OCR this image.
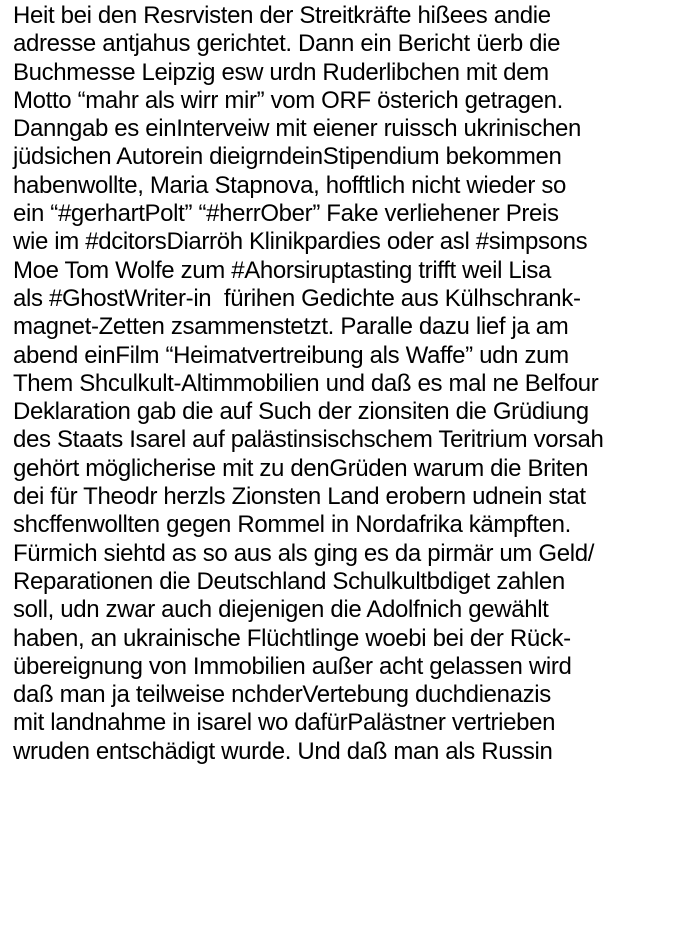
Heit bei den Resrvisten der Streitkräfte hißees andie
adresse antjahus gerichtet. Dann ein Bericht üerb die
Buchmesse Leipzig esw urdn Ruderlibchen mit dem
Motto “mahr als wirr mir” vom ORF österich getragen.
Danngab es einInterveiw mit eiener ruissch ukrinischen
jüdsichen Autorein dieigrndeinStipendium bekommen
habenwollte, Maria Stapnova, hofftlich nicht wieder so
ein “#gerhartPolt” “#herrOber” Fake verliehener Preis
wie im #dcitorsDiarröh Klinikpardies oder asl #simpsons
Moe Tom Wolfe zum #Ahorsiruptasting trifft weil Lisa
als #GhostWriter-in  fürihen Gedichte aus Külhschrank-
magnet-Zetten zsammenstetzt. Paralle dazu lief ja am
abend einFilm “Heimatvertreibung als Waffe” udn zum
Them Shculkult-Altimmobilien und daß es mal ne Belfour
Deklaration gab die auf Such der zionsiten die Grüdiung
des Staats Isarel auf palästinsischschem Teritrium vorsah
gehört möglicherise mit zu denGrüden warum die Briten
dei für Theodr herzls Zionsten Land erobern udnein stat
shcffenwollten gegen Rommel in Nordafrika kämpften.
Fürmich siehtd as so aus als ging es da pirmär um Geld/
Reparationen die Deutschland Schulkultbdiget zahlen
soll, udn zwar auch diejenigen die Adolfnich gewählt
haben, an ukrainische Flüchtlinge woebi bei der Rück-
übereignung von Immobilien außer acht gelassen wird
daß man ja teilweise nchderVertebung duchdienazis
mit landnahme in isarel wo dafürPalästner vertrieben
wruden entschädigt wurde. Und daß man als Russin
